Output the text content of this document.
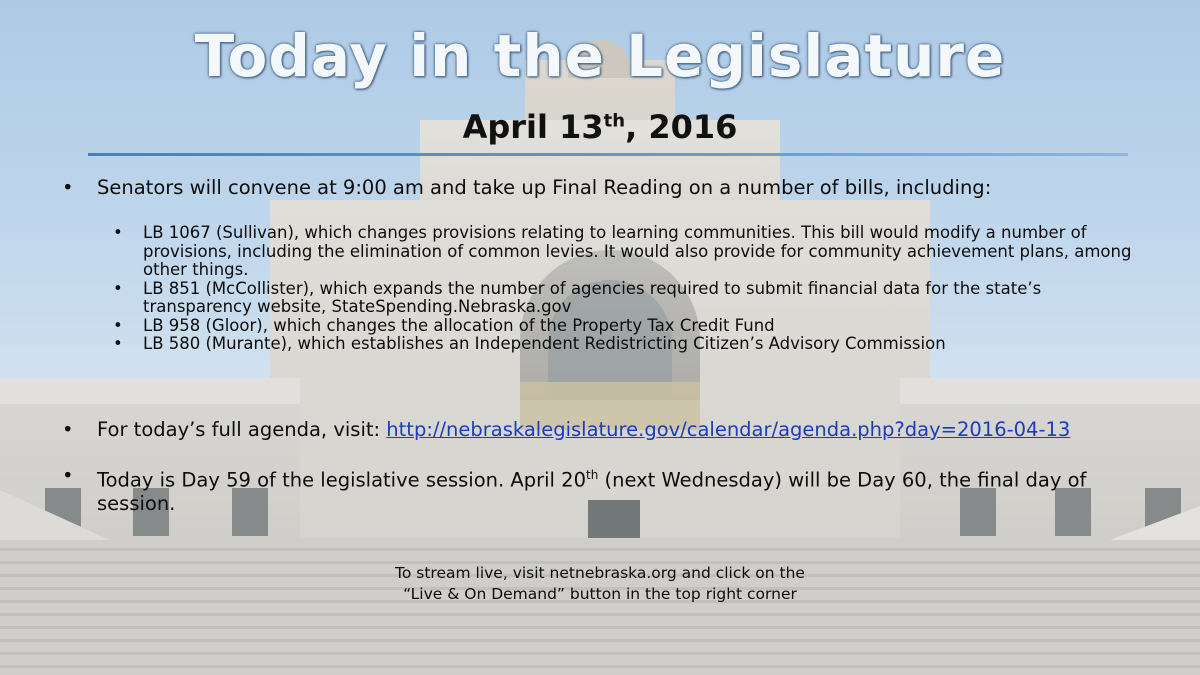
Today in the Legislature
April 13th, 2016
• Senators will convene at 9:00 am and take up Final Reading on a number of bills, including:
• LB 1067 (Sullivan), which changes provisions relating to learning communities. This bill would modify a number of provisions, including the elimination of common levies. It would also provide for community achievement plans, among other things.
• LB 851 (McCollister), which expands the number of agencies required to submit financial data for the state’s transparency website, StateSpending.Nebraska.gov
• LB 958 (Gloor), which changes the allocation of the Property Tax Credit Fund
• LB 580 (Murante), which establishes an Independent Redistricting Citizen’s Advisory Commission
• For today’s full agenda, visit: http://nebraskalegislature.gov/calendar/agenda.php?day=2016-04-13
• Today is Day 59 of the legislative session. April 20th (next Wednesday) will be Day 60, the final day of session.
To stream live, visit netnebraska.org and click on the
“Live & On Demand” button in the top right corner
